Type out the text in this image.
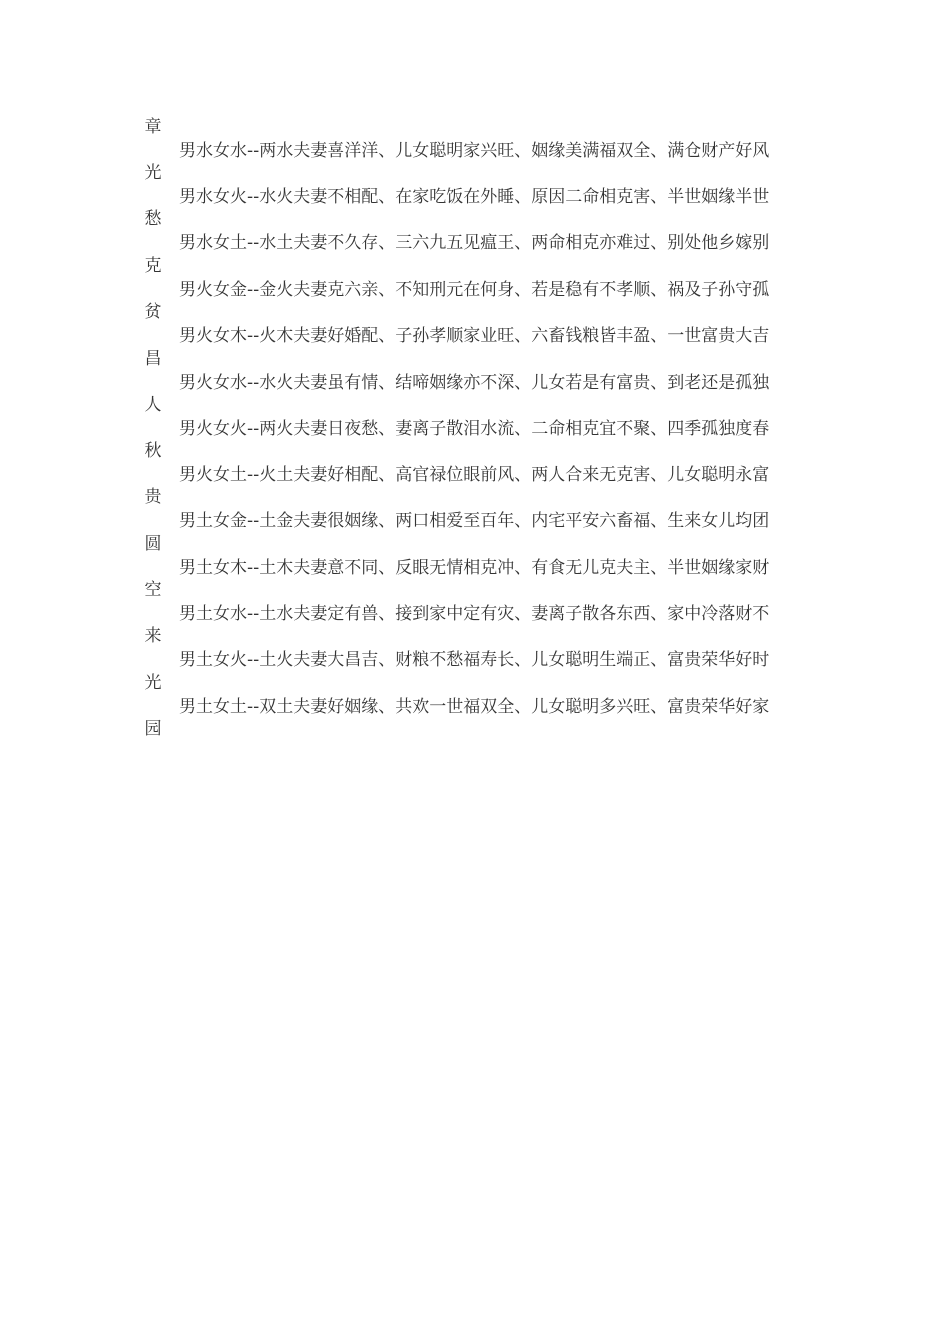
章
光
愁
克
贫
昌
人
秋
贵
圆
空
来
光
园
男水女水--两水夫妻喜洋洋、儿女聪明家兴旺、姻缘美满福双全、满仓财产好风
男水女火--水火夫妻不相配、在家吃饭在外睡、原因二命相克害、半世姻缘半世
男水女土--水土夫妻不久存、三六九五见瘟王、两命相克亦难过、别处他乡嫁别
男火女金--金火夫妻克六亲、不知刑元在何身、若是稳有不孝顺、祸及子孙守孤
男火女木--火木夫妻好婚配、子孙孝顺家业旺、六畜钱粮皆丰盈、一世富贵大吉
男火女水--水火夫妻虽有情、结啼姻缘亦不深、儿女若是有富贵、到老还是孤独
男火女火--两火夫妻日夜愁、妻离子散泪水流、二命相克宜不聚、四季孤独度春
男火女土--火土夫妻好相配、高官禄位眼前风、两人合来无克害、儿女聪明永富
男土女金--土金夫妻很姻缘、两口相爱至百年、内宅平安六畜福、生来女儿均团
男土女木--土木夫妻意不同、反眼无情相克冲、有食无儿克夫主、半世姻缘家财
男土女水--土水夫妻定有兽、接到家中定有灾、妻离子散各东西、家中冷落财不
男土女火--土火夫妻大昌吉、财粮不愁福寿长、儿女聪明生端正、富贵荣华好时
男土女土--双土夫妻好姻缘、共欢一世福双全、儿女聪明多兴旺、富贵荣华好家
